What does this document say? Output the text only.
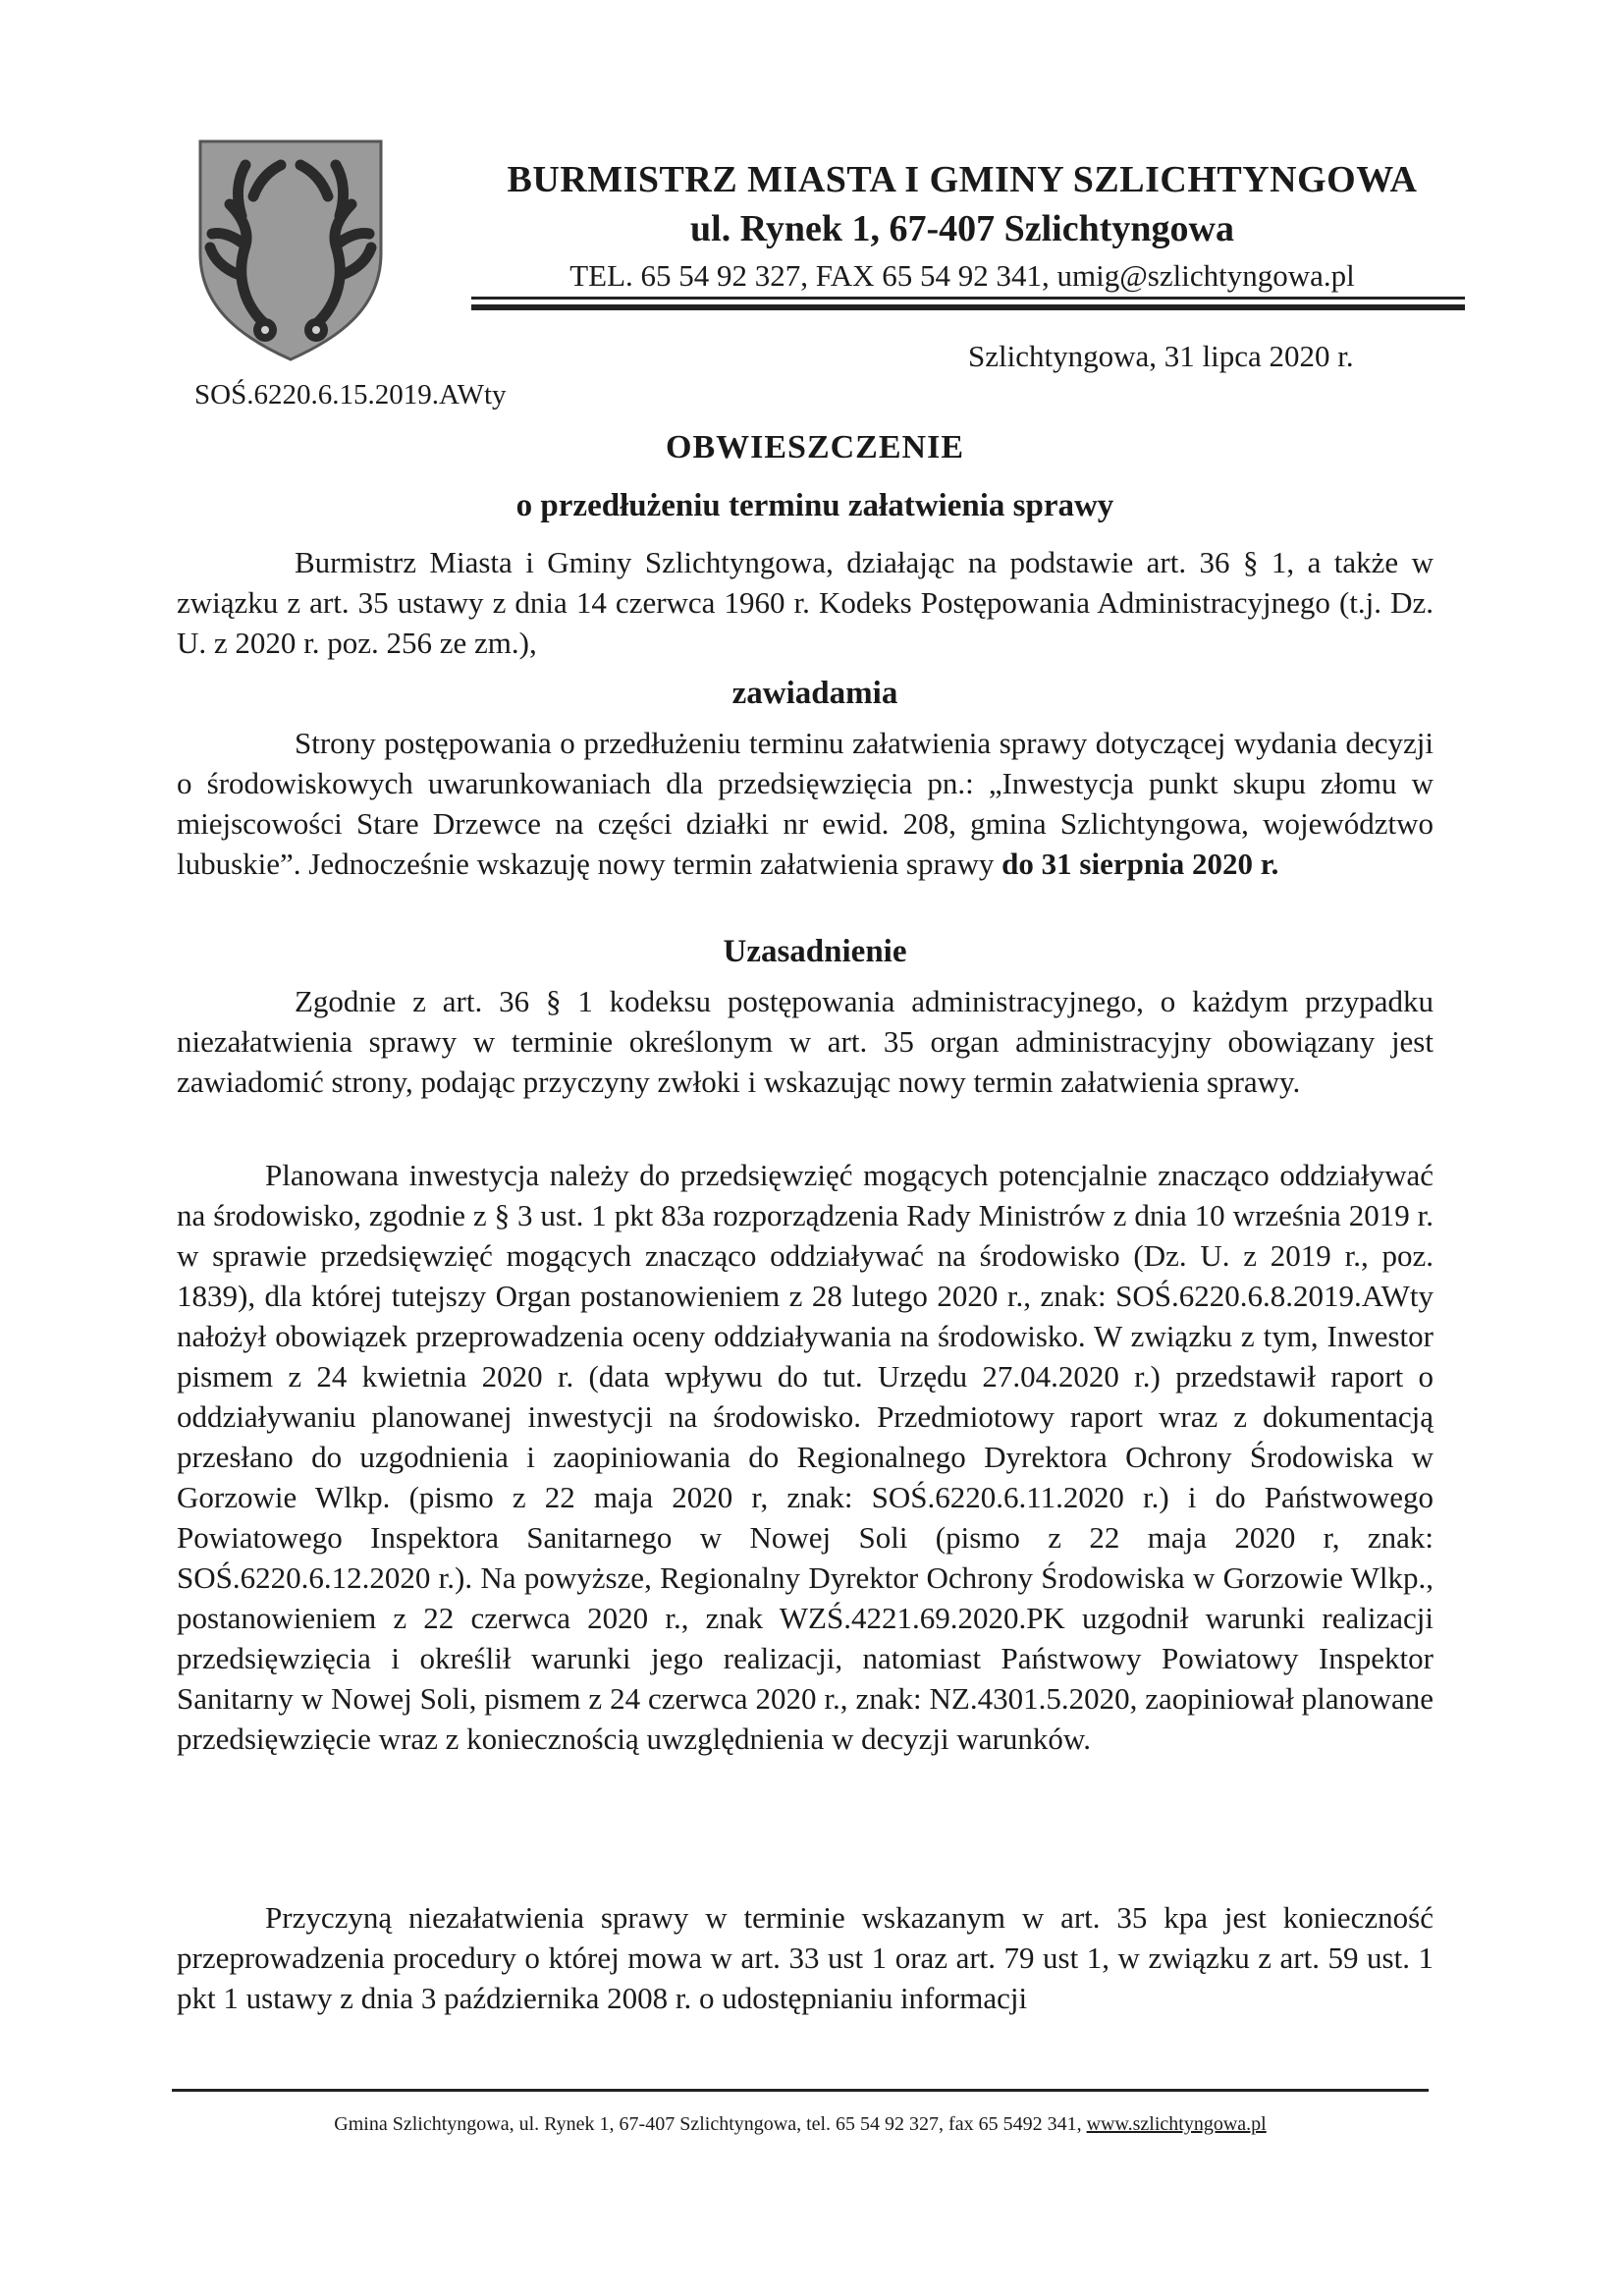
BURMISTRZ MIASTA I GMINY SZLICHTYNGOWA
ul. Rynek 1, 67-407 Szlichtyngowa
TEL. 65 54 92 327, FAX 65 54 92 341, umig@szlichtyngowa.pl
Szlichtyngowa, 31 lipca 2020 r.
SOŚ.6220.6.15.2019.AWty
OBWIESZCZENIE
o przedłużeniu terminu załatwienia sprawy

Burmistrz Miasta i Gminy Szlichtyngowa, działając na podstawie art. 36 § 1, a także w związku z art. 35 ustawy z dnia 14 czerwca 1960 r. Kodeks Postępowania Administracyjnego (t.j. Dz. U. z 2020 r. poz. 256 ze zm.),

zawiadamia

Strony postępowania o przedłużeniu terminu załatwienia sprawy dotyczącej wydania decyzji o środowiskowych uwarunkowaniach dla przedsięwzięcia pn.: „Inwestycja punkt skupu złomu w miejscowości Stare Drzewce na części działki nr ewid. 208, gmina Szlichtyngowa, województwo lubuskie”. Jednocześnie wskazuję nowy termin załatwienia sprawy do 31 sierpnia 2020 r.

Uzasadnienie

Zgodnie z art. 36 § 1 kodeksu postępowania administracyjnego, o każdym przypadku niezałatwienia sprawy w terminie określonym w art. 35 organ administracyjny obowiązany jest zawiadomić strony, podając przyczyny zwłoki i wskazując nowy termin załatwienia sprawy.

Planowana inwestycja należy do przedsięwzięć mogących potencjalnie znacząco oddziaływać na środowisko, zgodnie z § 3 ust. 1 pkt 83a rozporządzenia Rady Ministrów z dnia 10 września 2019 r. w sprawie przedsięwzięć mogących znacząco oddziaływać na środowisko (Dz. U. z 2019 r., poz. 1839), dla której tutejszy Organ postanowieniem z 28 lutego 2020 r., znak: SOŚ.6220.6.8.2019.AWty nałożył obowiązek przeprowadzenia oceny oddziaływania na środowisko. W związku z tym, Inwestor pismem z 24 kwietnia 2020 r. (data wpływu do tut. Urzędu 27.04.2020 r.) przedstawił raport o oddziaływaniu planowanej inwestycji na środowisko. Przedmiotowy raport wraz z dokumentacją przesłano do uzgodnienia i zaopiniowania do Regionalnego Dyrektora Ochrony Środowiska w Gorzowie Wlkp. (pismo z 22 maja 2020 r, znak: SOŚ.6220.6.11.2020 r.) i do Państwowego Powiatowego Inspektora Sanitarnego w Nowej Soli (pismo z 22 maja 2020 r, znak: SOŚ.6220.6.12.2020 r.). Na powyższe, Regionalny Dyrektor Ochrony Środowiska w Gorzowie Wlkp., postanowieniem z 22 czerwca 2020 r., znak WZŚ.4221.69.2020.PK uzgodnił warunki realizacji przedsięwzięcia i określił warunki jego realizacji, natomiast Państwowy Powiatowy Inspektor Sanitarny w Nowej Soli, pismem z 24 czerwca 2020 r., znak: NZ.4301.5.2020, zaopiniował planowane przedsięwzięcie wraz z koniecznością uwzględnienia w decyzji warunków.

Przyczyną niezałatwienia sprawy w terminie wskazanym w art. 35 kpa jest konieczność przeprowadzenia procedury o której mowa w art. 33 ust 1 oraz art. 79 ust 1, w związku z art. 59 ust. 1 pkt 1 ustawy z dnia 3 października 2008 r. o udostępnianiu informacji

Gmina Szlichtyngowa, ul. Rynek 1, 67-407 Szlichtyngowa, tel. 65 54 92 327, fax 65 5492 341, www.szlichtyngowa.pl
